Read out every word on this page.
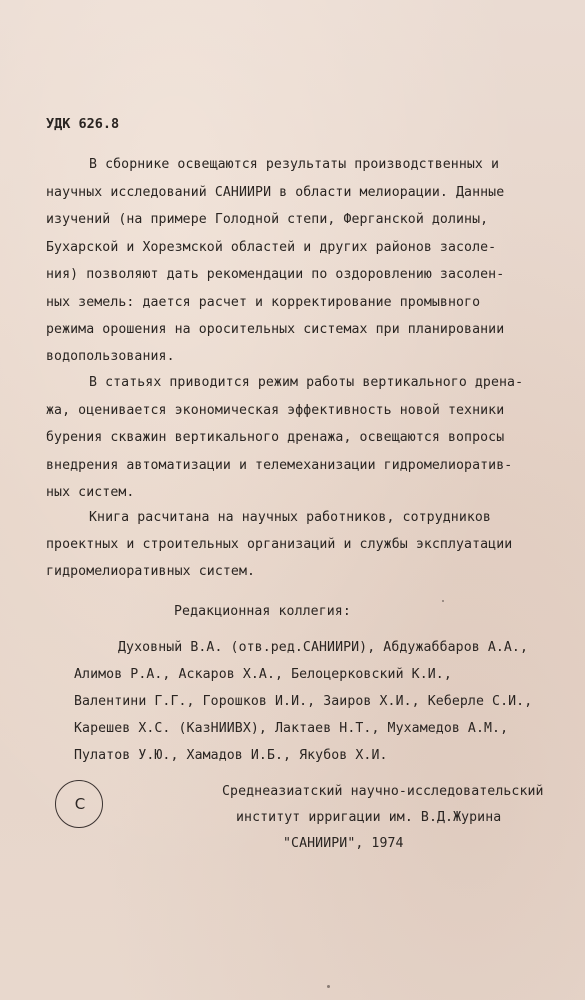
УДК 626.8
В сборнике освещаются результаты производственных и
научных исследований САНИИРИ в области мелиорации. Данные
изучений (на примере Голодной степи, Ферганской долины,
Бухарской и Хорезмской областей и других районов засоле-
ния) позволяют дать рекомендации по оздоровлению засолен-
ных земель: дается расчет и корректирование промывного
режима орошения на оросительных системах при планировании
водопользования.
В статьях приводится режим работы вертикального дрена-
жа, оценивается экономическая эффективность новой техники
бурения скважин вертикального дренажа, освещаются вопросы
внедрения автоматизации и телемеханизации гидромелиоратив-
ных систем.
Книга расчитана на научных работников, сотрудников
проектных и строительных организаций и службы эксплуатации
гидромелиоративных систем.
Редакционная коллегия:
Духовный В.А. (отв.ред.САНИИРИ), Абдужаббаров А.А.,
Алимов Р.А., Аскаров Х.А., Белоцерковский К.И.,
Валентини Г.Г., Горошков И.И., Заиров Х.И., Keберле С.И.,
Карешев Х.С. (КазНИИВХ), Лактаев Н.Т., Мухамедов А.М.,
Пулатов У.Ю., Хамадов И.Б., Якубов Х.И.
С
Среднеазиатский научно-исследовательский
институт ирригации им. В.Д.Журина
"САНИИРИ", 1974
